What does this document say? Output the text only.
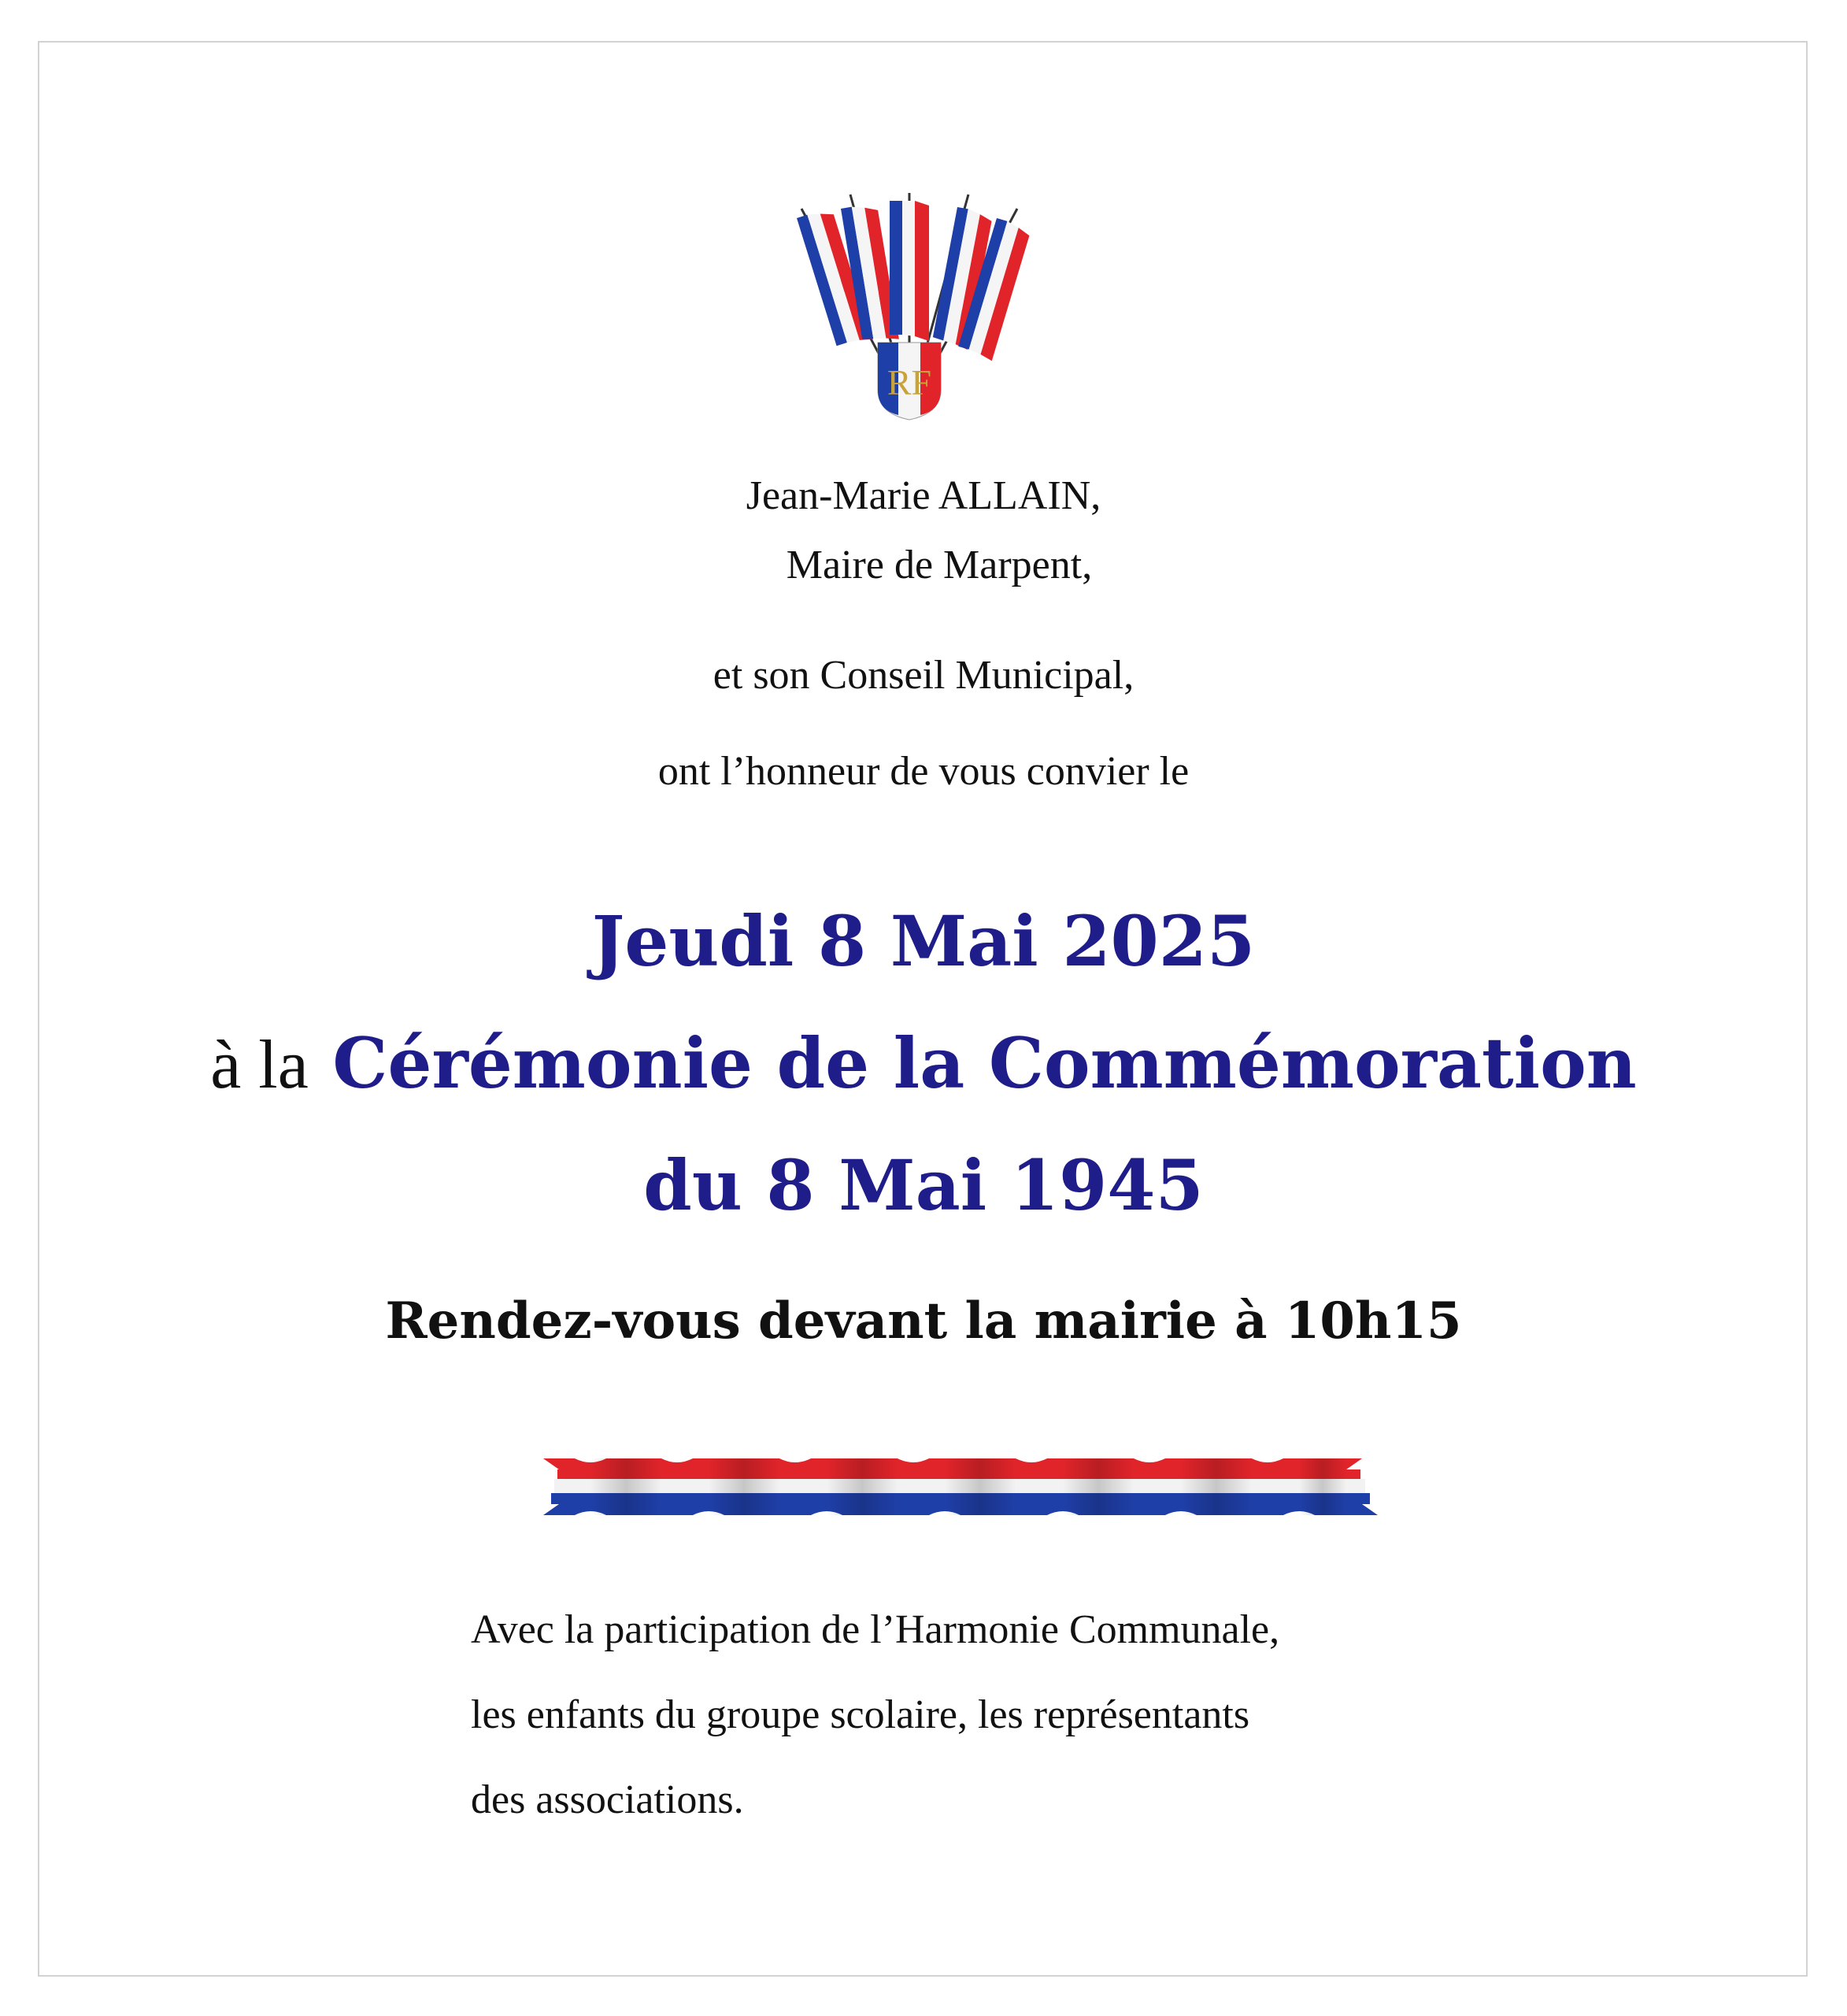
RF
Jean-Marie ALLAIN,
Maire de Marpent,
et son Conseil Municipal,
ont l’honneur de vous convier le
Jeudi 8 Mai 2025
à la Cérémonie de la Commémoration
du 8 Mai 1945
Rendez-vous devant la mairie à 10h15
Avec la participation de l’Harmonie Communale,
les enfants du groupe scolaire, les représentants
des associations.
